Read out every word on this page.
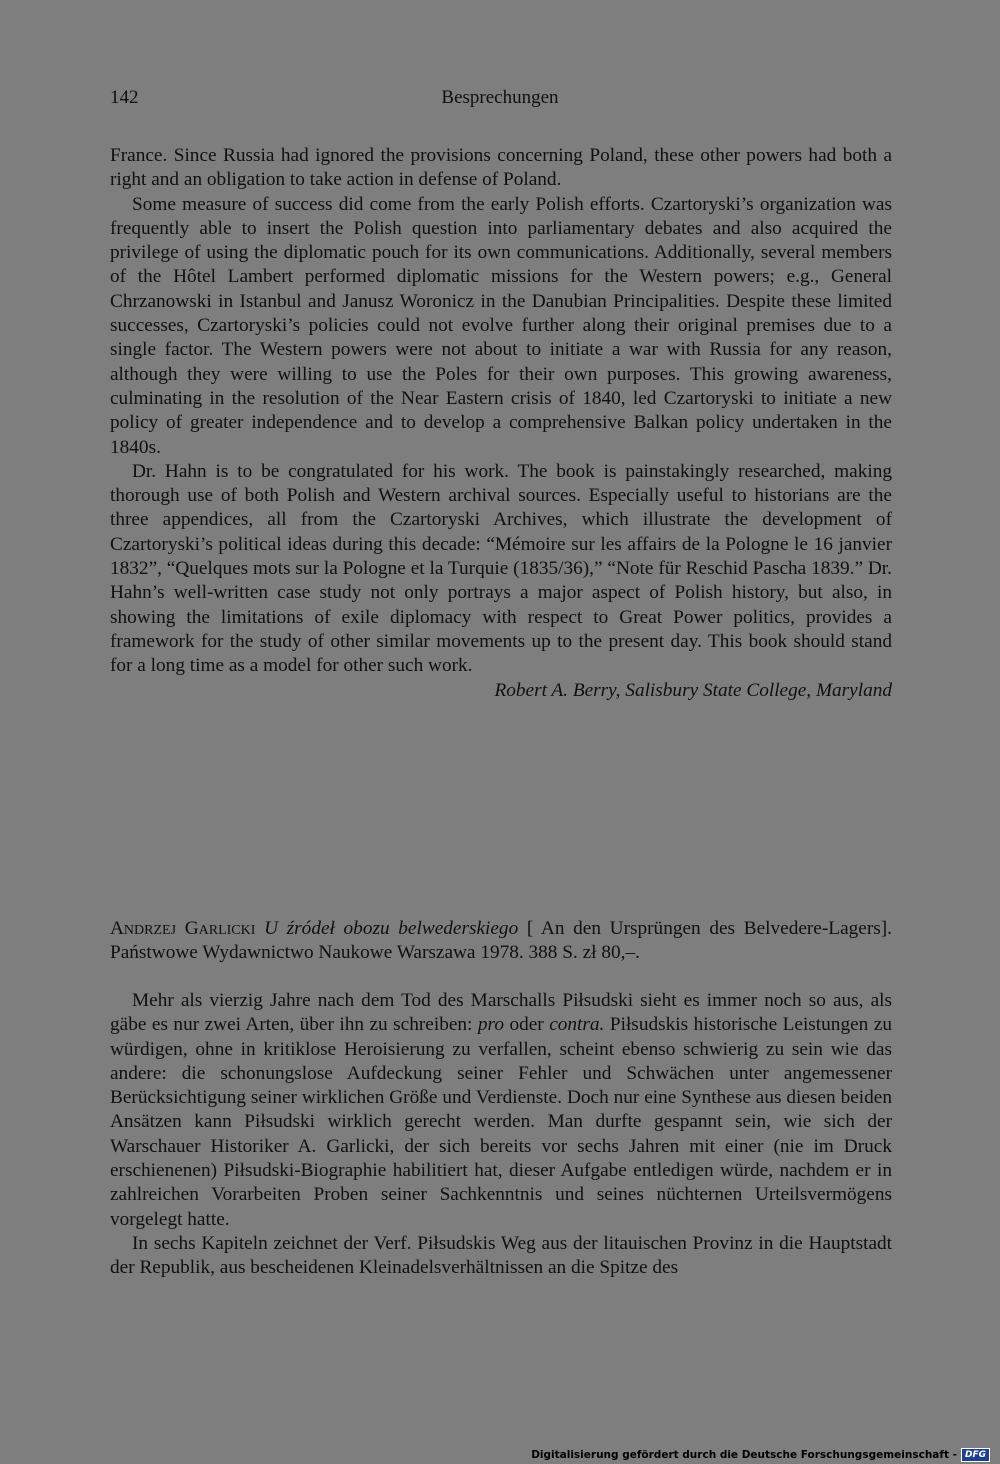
142	Besprechungen

France. Since Russia had ignored the provisions concerning Poland, these other powers had both a right and an obligation to take action in defense of Poland.

Some measure of success did come from the early Polish efforts. Czartoryski’s organization was frequently able to insert the Polish question into parliamentary debates and also acquired the privilege of using the diplomatic pouch for its own communications. Additionally, several members of the Hôtel Lambert performed diplomatic missions for the Western powers; e.g., General Chrzanowski in Istanbul and Janusz Woronicz in the Danubian Principalities. Despite these limited successes, Czartoryski’s policies could not evolve further along their original premises due to a single factor. The Western powers were not about to initiate a war with Russia for any reason, although they were willing to use the Poles for their own purposes. This growing awareness, culminating in the resolution of the Near Eastern crisis of 1840, led Czartoryski to initiate a new policy of greater independence and to develop a comprehensive Balkan policy undertaken in the 1840s.

Dr. Hahn is to be congratulated for his work. The book is painstakingly researched, making thorough use of both Polish and Western archival sources. Especially useful to historians are the three appendices, all from the Czartoryski Archives, which illustrate the development of Czartoryski’s political ideas during this decade: “Mémoire sur les affairs de la Pologne le 16 janvier 1832”, “Quelques mots sur la Pologne et la Turquie (1835/36),” “Note für Reschid Pascha 1839.” Dr. Hahn’s well-written case study not only portrays a major aspect of Polish history, but also, in showing the limitations of exile diplomacy with respect to Great Power politics, provides a framework for the study of other similar movements up to the present day. This book should stand for a long time as a model for other such work.

Robert A. Berry, Salisbury State College, Maryland

Andrzej Garlicki U źródeł obozu belwederskiego [ An den Ursprüngen des Belvedere-Lagers]. Państwowe Wydawnictwo Naukowe Warszawa 1978. 388 S. zł 80,–.

Mehr als vierzig Jahre nach dem Tod des Marschalls Piłsudski sieht es immer noch so aus, als gäbe es nur zwei Arten, über ihn zu schreiben: pro oder contra. Piłsudskis historische Leistungen zu würdigen, ohne in kritiklose Heroisierung zu verfallen, scheint ebenso schwierig zu sein wie das andere: die schonungslose Aufdeckung seiner Fehler und Schwächen unter angemessener Berücksichtigung seiner wirklichen Größe und Verdienste. Doch nur eine Synthese aus diesen beiden Ansätzen kann Piłsudski wirklich gerecht werden. Man durfte gespannt sein, wie sich der Warschauer Historiker A. Garlicki, der sich bereits vor sechs Jahren mit einer (nie im Druck erschienenen) Piłsudski-Biographie habilitiert hat, dieser Aufgabe entledigen würde, nachdem er in zahlreichen Vorarbeiten Proben seiner Sachkenntnis und seines nüchternen Urteilsvermögens vorgelegt hatte.

In sechs Kapiteln zeichnet der Verf. Piłsudskis Weg aus der litauischen Provinz in die Hauptstadt der Republik, aus bescheidenen Kleinadelsverhältnissen an die Spitze des

Digitalisierung gefördert durch die Deutsche Forschungsgemeinschaft - DFG
